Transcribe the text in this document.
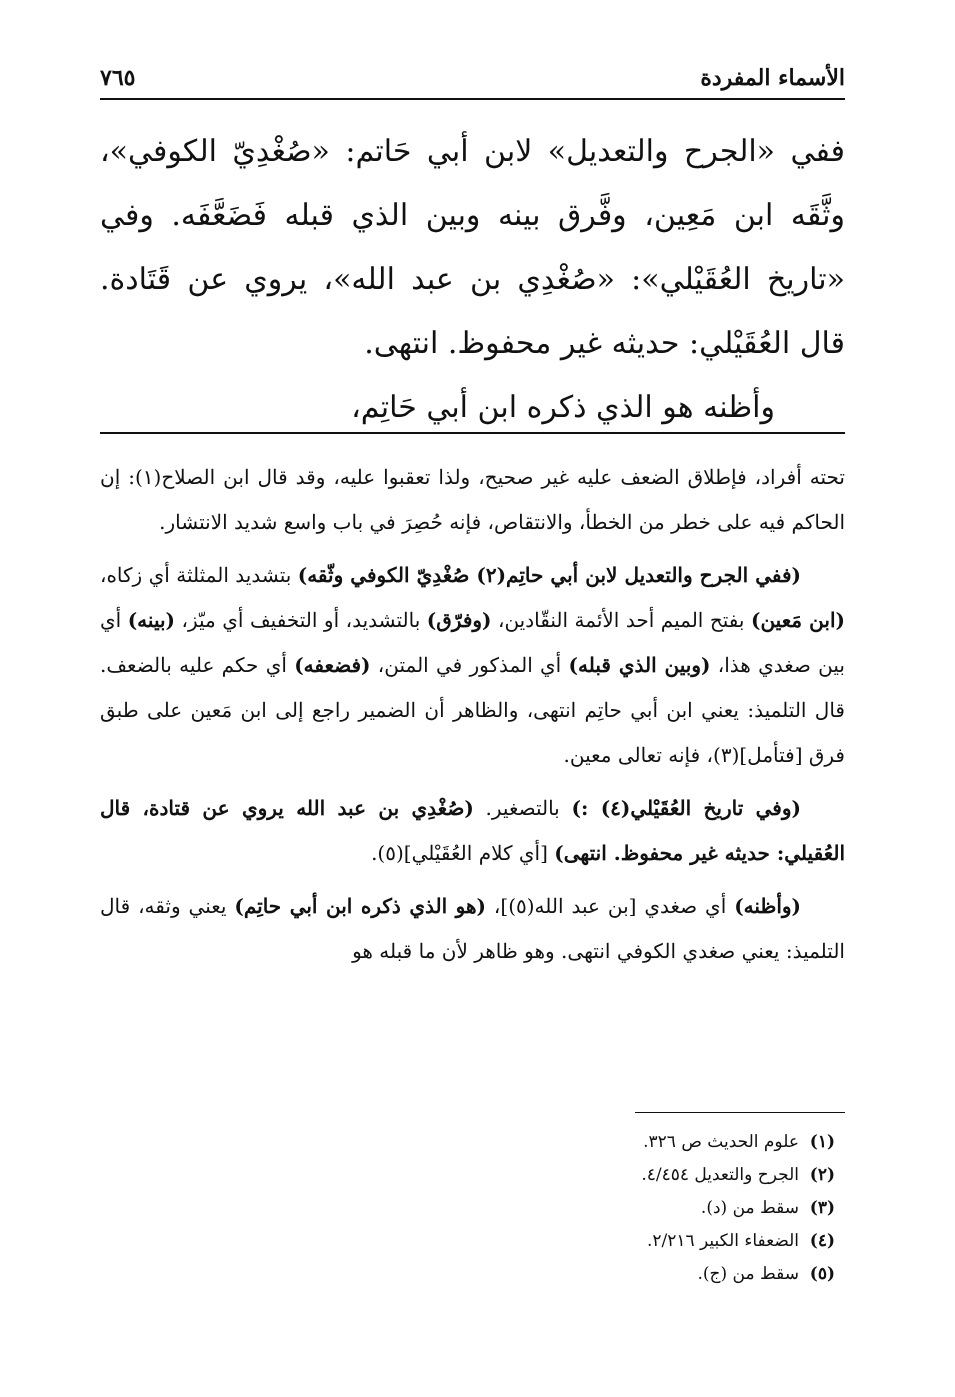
الأسماء المفردة
٧٦٥

ففي «الجرح والتعديل» لابن أبي حَاتم: «صُغْدِيّ الكوفي»، وثَّقَه ابن مَعِين، وفَّرق بينه وبين الذي قبله فَضَعَّفَه. وفي «تاريخ العُقَيْلي»: «صُغْدِي بن عبد الله»، يروي عن قَتَادة. قال العُقَيْلي: حديثه غير محفوظ. انتهى.

وأظنه هو الذي ذكره ابن أبي حَاتِم،

تحته أفراد، فإطلاق الضعف عليه غير صحيح، ولذا تعقبوا عليه، وقد قال ابن الصلاح(١): إن الحاكم فيه على خطر من الخطأ، والانتقاص، فإنه حُصِرَ في باب واسع شديد الانتشار.

(ففي الجرح والتعديل لابن أبي حاتِم(٢) صُغْدِيّ الكوفي وثّقه) بتشديد المثلثة أي زكاه، (ابن مَعين) بفتح الميم أحد الأئمة النقّادين، (وفرّق) بالتشديد، أو التخفيف أي ميّز، (بينه) أي بين صغدي هذا، (وبين الذي قبله) أي المذكور في المتن، (فضعفه) أي حكم عليه بالضعف. قال التلميذ: يعني ابن أبي حاتِم انتهى، والظاهر أن الضمير راجع إلى ابن مَعين على طبق فرق [فتأمل](٣)، فإنه تعالى معين.

(وفي تاريخ العُقَيْلي(٤) :) بالتصغير. (صُغْدِي بن عبد الله يروي عن قتادة، قال العُقيلي: حديثه غير محفوظ. انتهى) [أي كلام العُقَيْلي](٥).

(وأظنه) أي صغدي [بن عبد الله(٥)]، (هو الذي ذكره ابن أبي حاتِم) يعني وثقه، قال التلميذ: يعني صغدي الكوفي انتهى. وهو ظاهر لأن ما قبله هو

(١)علوم الحديث ص ٣٢٦.
(٢)الجرح والتعديل ٤/٤٥٤.
(٣)سقط من (د).
(٤)الضعفاء الكبير ٢/٢١٦.
(٥)سقط من (ج).
